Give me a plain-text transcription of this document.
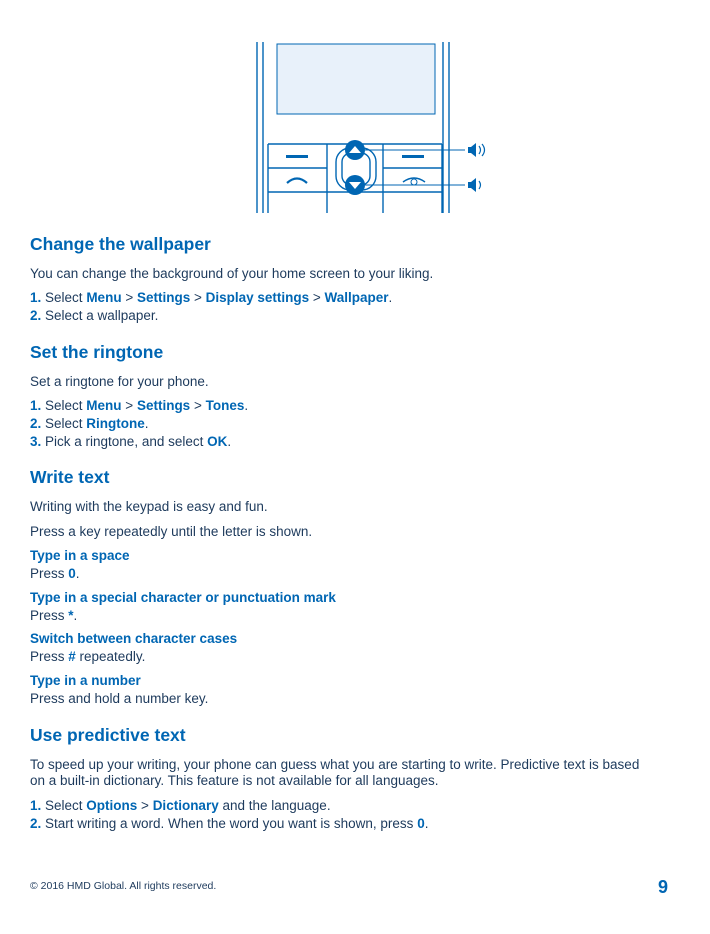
Change the wallpaper

You can change the background of your home screen to your liking.

1. Select Menu > Settings > Display settings > Wallpaper.

2. Select a wallpaper.

Set the ringtone

Set a ringtone for your phone.

1. Select Menu > Settings > Tones.

2. Select Ringtone.

3. Pick a ringtone, and select OK.

Write text

Writing with the keypad is easy and fun.

Press a key repeatedly until the letter is shown.

Type in a space

Press 0.

Type in a special character or punctuation mark

Press *.

Switch between character cases

Press # repeatedly.

Type in a number

Press and hold a number key.

Use predictive text

To speed up your writing, your phone can guess what you are starting to write. Predictive text is based

on a built-in dictionary. This feature is not available for all languages.

1. Select Options > Dictionary and the language.

2. Start writing a word. When the word you want is shown, press 0.

© 2016 HMD Global. All rights reserved.	9
